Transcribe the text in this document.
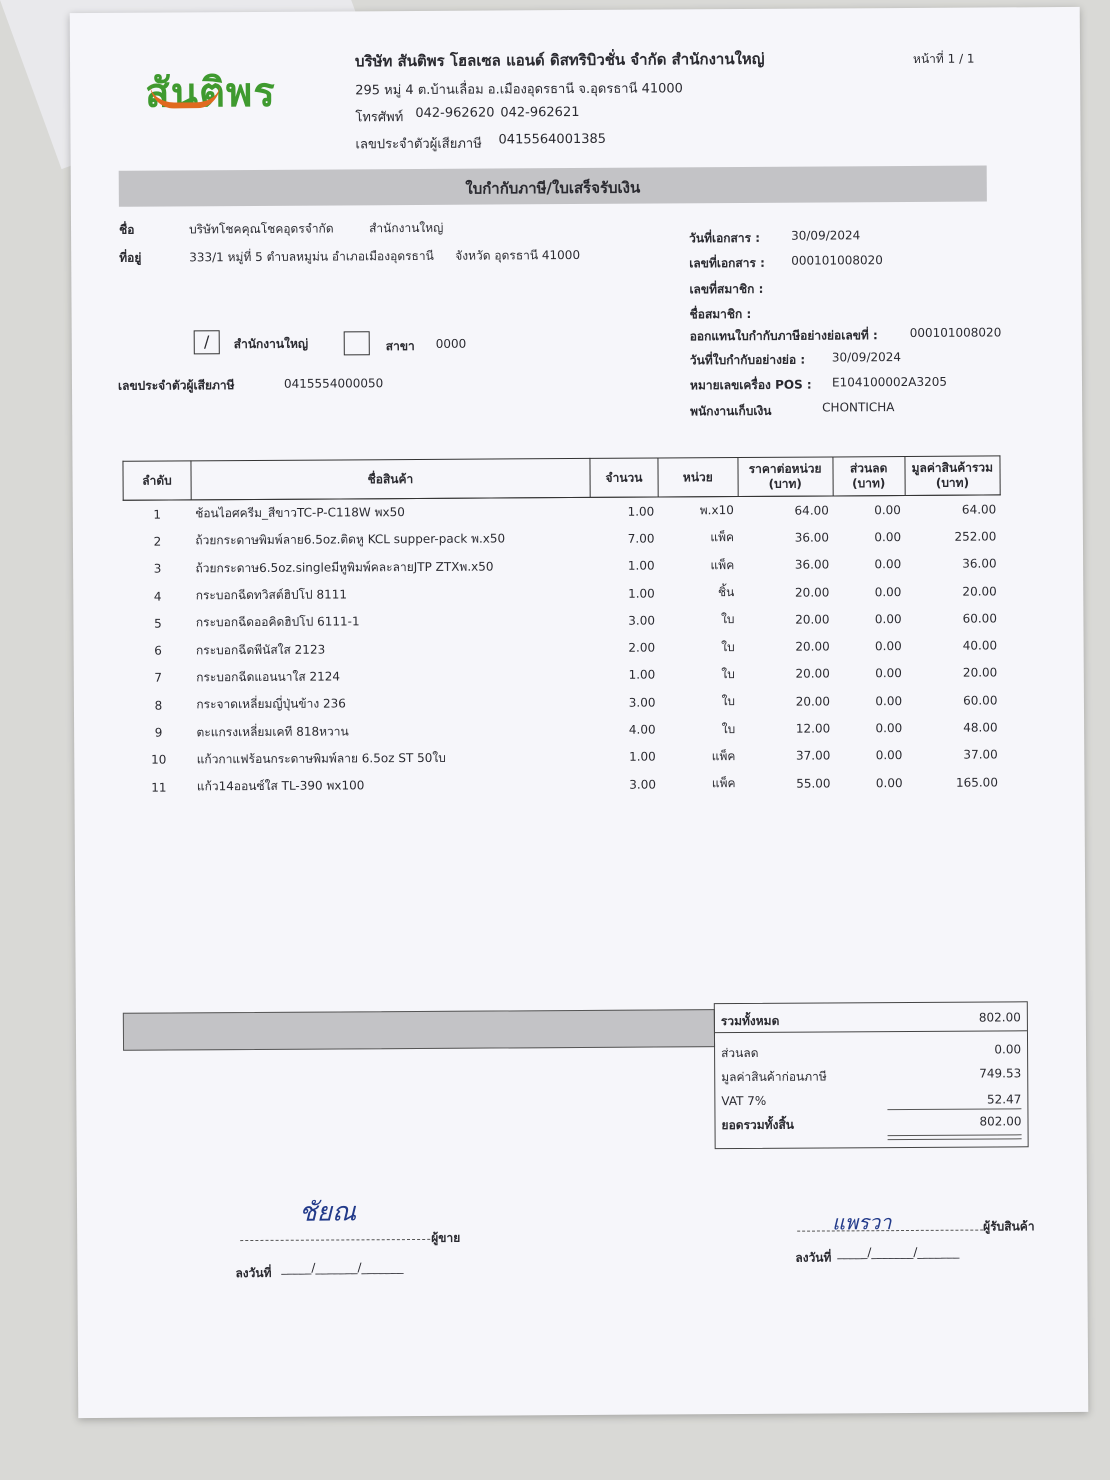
สันติพร
บริษัท สันติพร โฮลเซล แอนด์ ดิสทริบิวชั่น จำกัด สำนักงานใหญ่
295 หมู่ 4 ต.บ้านเลื่อม อ.เมืองอุดรธานี จ.อุดรธานี 41000
โทรศัพท์ 042-962620 042-962621
เลขประจำตัวผู้เสียภาษี 0415564001385
หน้าที่ 1 / 1
ใบกำกับภาษี/ใบเสร็จรับเงิน
ชื่อ	บริษัทโชคคุณโชคอุดรจำกัด	สำนักงานใหญ่
ที่อยู่	333/1 หมู่ที่ 5 ตำบลหมูม่น อำเภอเมืองอุดรธานี จังหวัด อุดรธานี 41000
/	สำนักงานใหญ่	สาขา 0000
เลขประจำตัวผู้เสียภาษี	0415554000050
วันที่เอกสาร :	30/09/2024
เลขที่เอกสาร : 000101008020
เลขที่สมาชิก :
ชื่อสมาชิก :
ออกแทนใบกำกับภาษีอย่างย่อเลขที่ :	000101008020
วันที่ใบกำกับอย่างย่อ : 30/09/2024
หมายเลขเครื่อง POS : E104100002A3205
พนักงานเก็บเงิน	CHONTICHA
ลำดับ	ชื่อสินค้า	จำนวน	หน่วย	ราคาต่อหน่วย (บาท)	ส่วนลด (บาท)	มูลค่าสินค้ารวม (บาท)
1	ช้อนไอศครีม_สีขาวTC-P-C118W พx50	1.00	พ.x10	64.00	0.00	64.00
2	ถ้วยกระดาษพิมพ์ลาย6.5oz.ติดหู KCL supper-pack พ.x50	7.00	แพ็ค	36.00	0.00	252.00
3	ถ้วยกระดาษ6.5oz.singleมีหูพิมพ์คละลายJTP ZTXพ.x50	1.00	แพ็ค	36.00	0.00	36.00
4	กระบอกฉีดทวิสต์ฮิปโป 8111	1.00	ชิ้น	20.00	0.00	20.00
5	กระบอกฉีดออคิดฮิปโป 6111-1	3.00	ใบ	20.00	0.00	60.00
6	กระบอกฉีดพีนัสใส 2123	2.00	ใบ	20.00	0.00	40.00
7	กระบอกฉีดแอนนาใส 2124	1.00	ใบ	20.00	0.00	20.00
8	กระจาดเหลี่ยมญี่ปุ่นข้าง 236	3.00	ใบ	20.00	0.00	60.00
9	ตะแกรงเหลี่ยมเคที 818หวาน	4.00	ใบ	12.00	0.00	48.00
10	แก้วกาแฟร้อนกระดาษพิมพ์ลาย 6.5oz ST 50ใบ	1.00	แพ็ค	37.00	0.00	37.00
11	แก้ว14ออนซ์ใส TL-390 พx100	3.00	แพ็ค	55.00	0.00	165.00
รวมทั้งหมด	802.00
ส่วนลด	0.00
มูลค่าสินค้าก่อนภาษี	749.53
VAT 7%	52.47
ยอดรวมทั้งสิ้น	802.00
ชัยณ
ผู้ขาย
ลงวันที่ _____/_______/_______
แพรวา	ผู้รับสินค้า
ลงวันที่ _____/_______/_______
